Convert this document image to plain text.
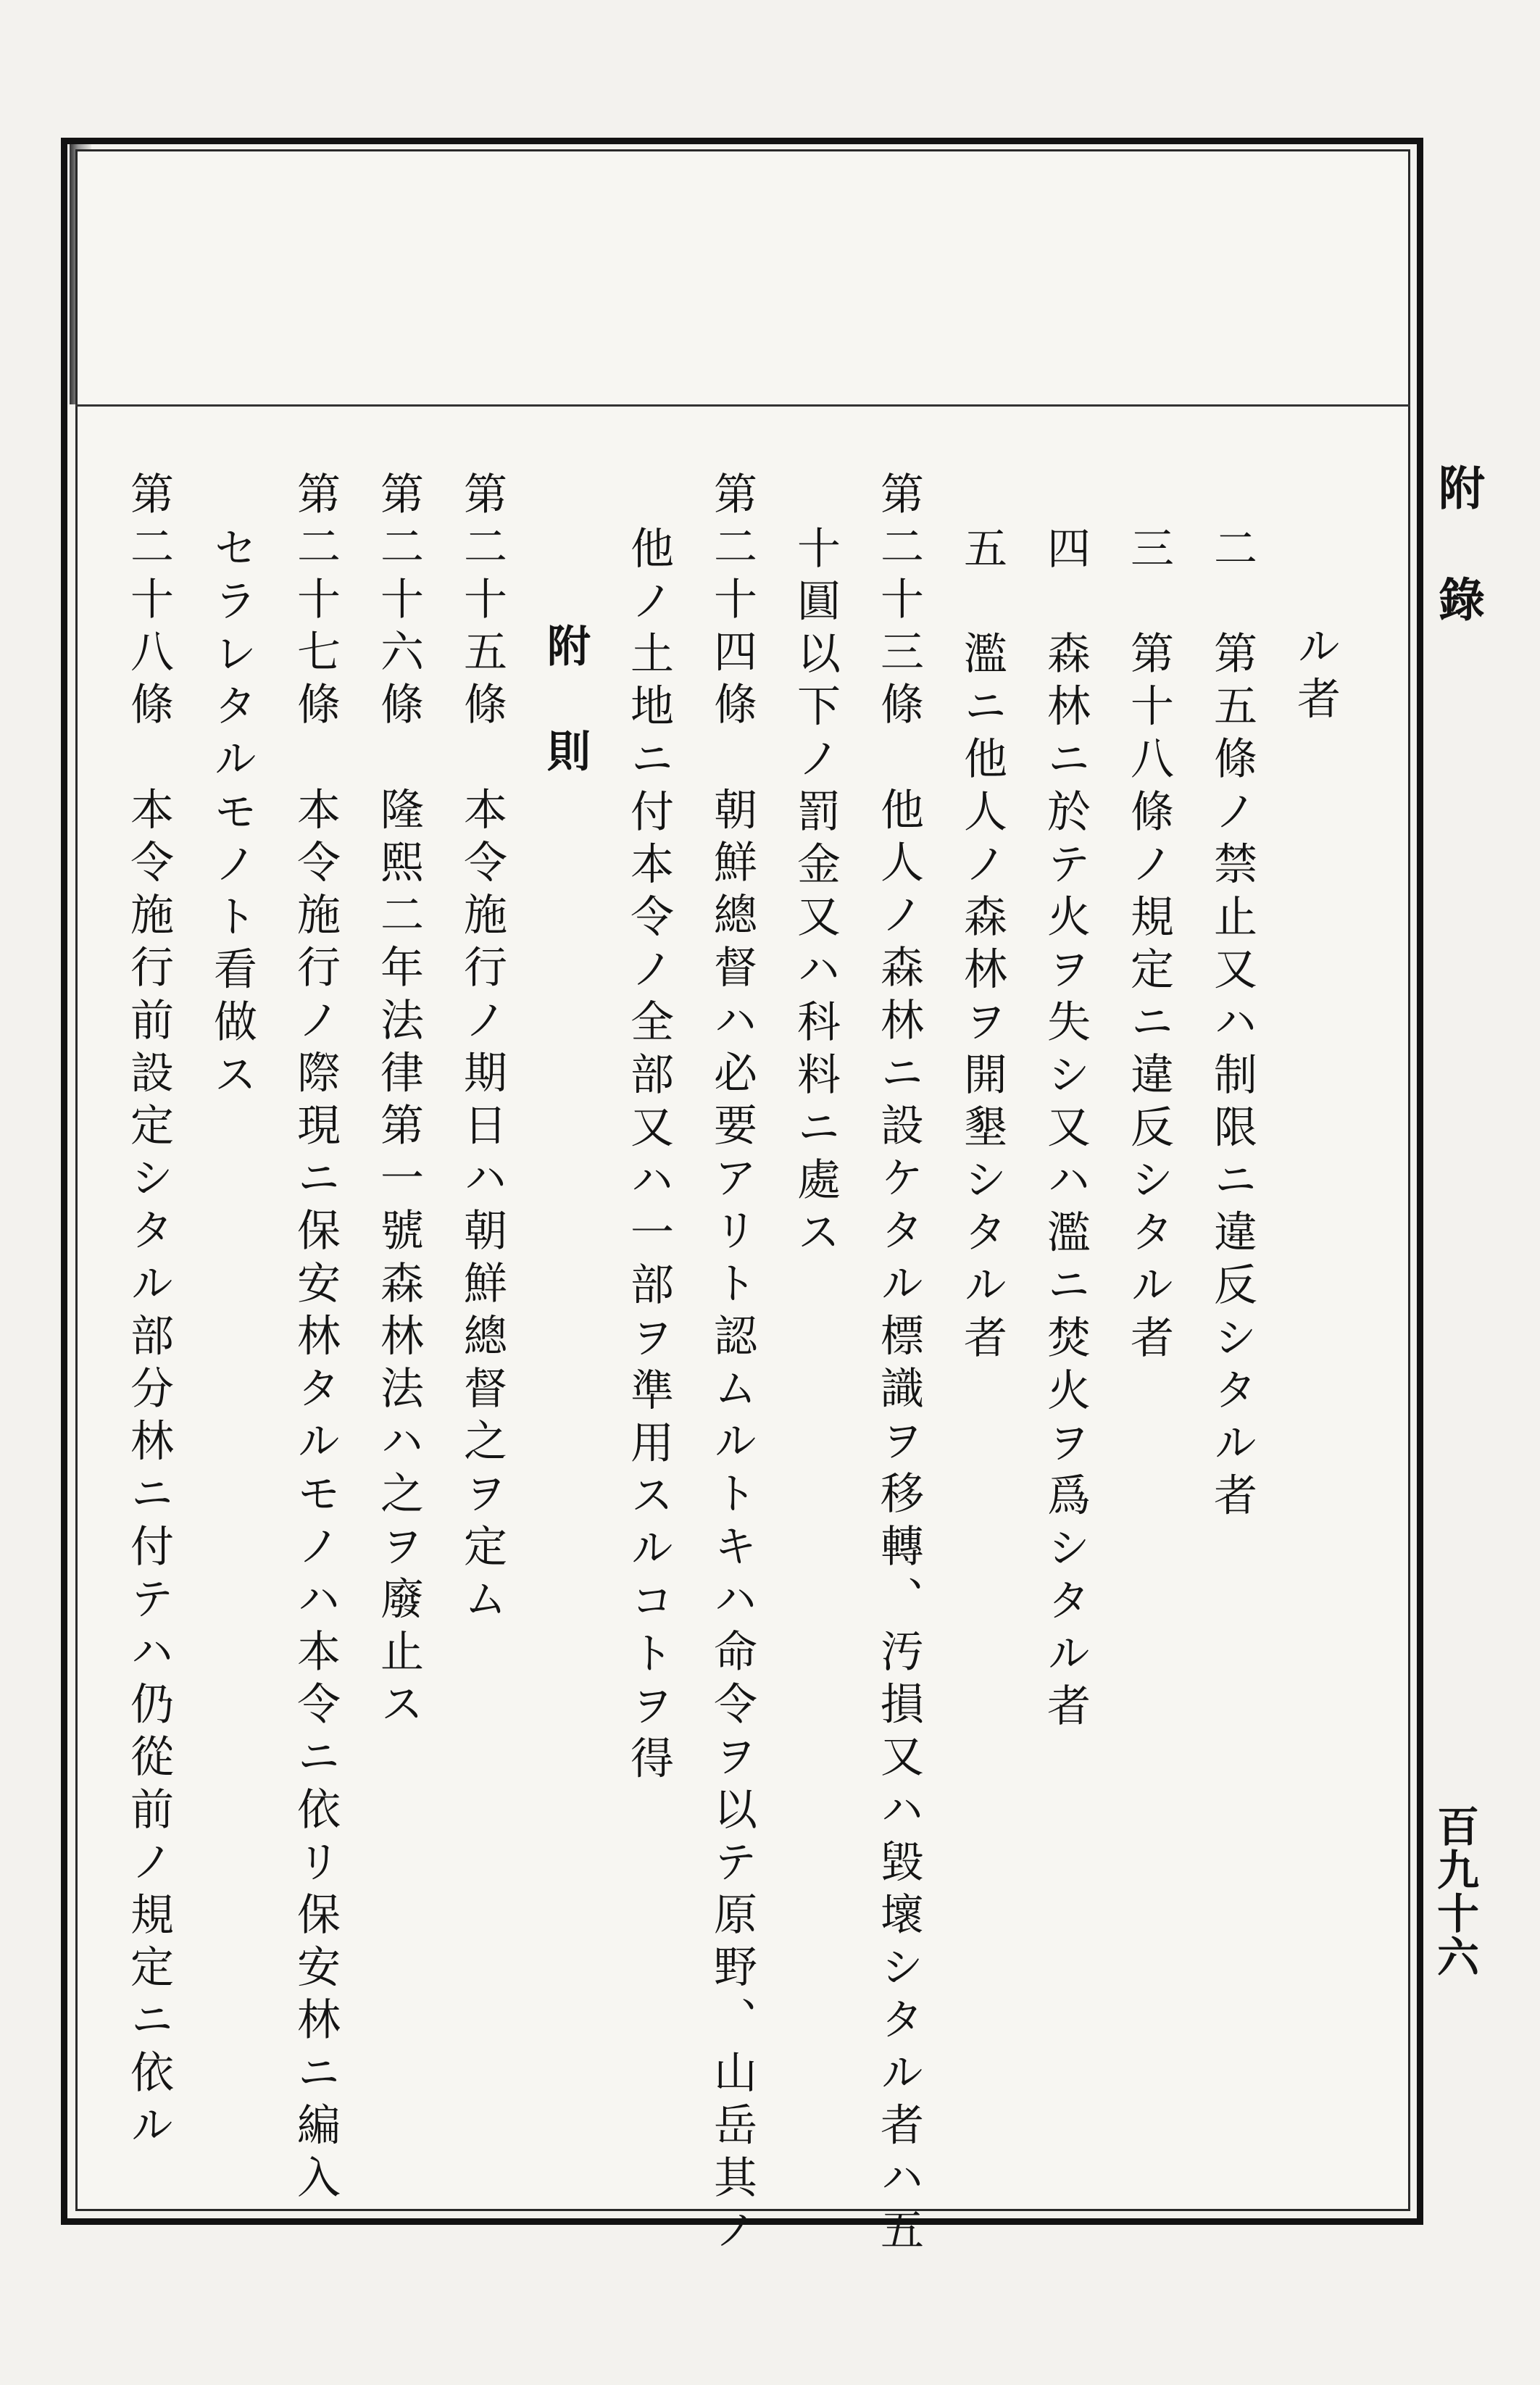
附錄
百九十六
ル者
二　第五條ノ禁止又ハ制限ニ違反シタル者
三　第十八條ノ規定ニ違反シタル者
四　森林ニ於テ火ヲ失シ又ハ濫ニ焚火ヲ爲シタル者
五　濫ニ他人ノ森林ヲ開墾シタル者
第二十三條　他人ノ森林ニ設ケタル標識ヲ移轉、汚損又ハ毀壞シタル者ハ五
十圓以下ノ罰金又ハ科料ニ處ス
第二十四條　朝鮮總督ハ必要アリト認ムルトキハ命令ヲ以テ原野、山岳其ノ
他ノ土地ニ付本令ノ全部又ハ一部ヲ準用スルコトヲ得
附　則
第二十五條　本令施行ノ期日ハ朝鮮總督之ヲ定ム
第二十六條　隆熙二年法律第一號森林法ハ之ヲ廢止ス
第二十七條　本令施行ノ際現ニ保安林タルモノハ本令ニ依リ保安林ニ編入
セラレタルモノト看做ス
第二十八條　本令施行前設定シタル部分林ニ付テハ仍從前ノ規定ニ依ル
